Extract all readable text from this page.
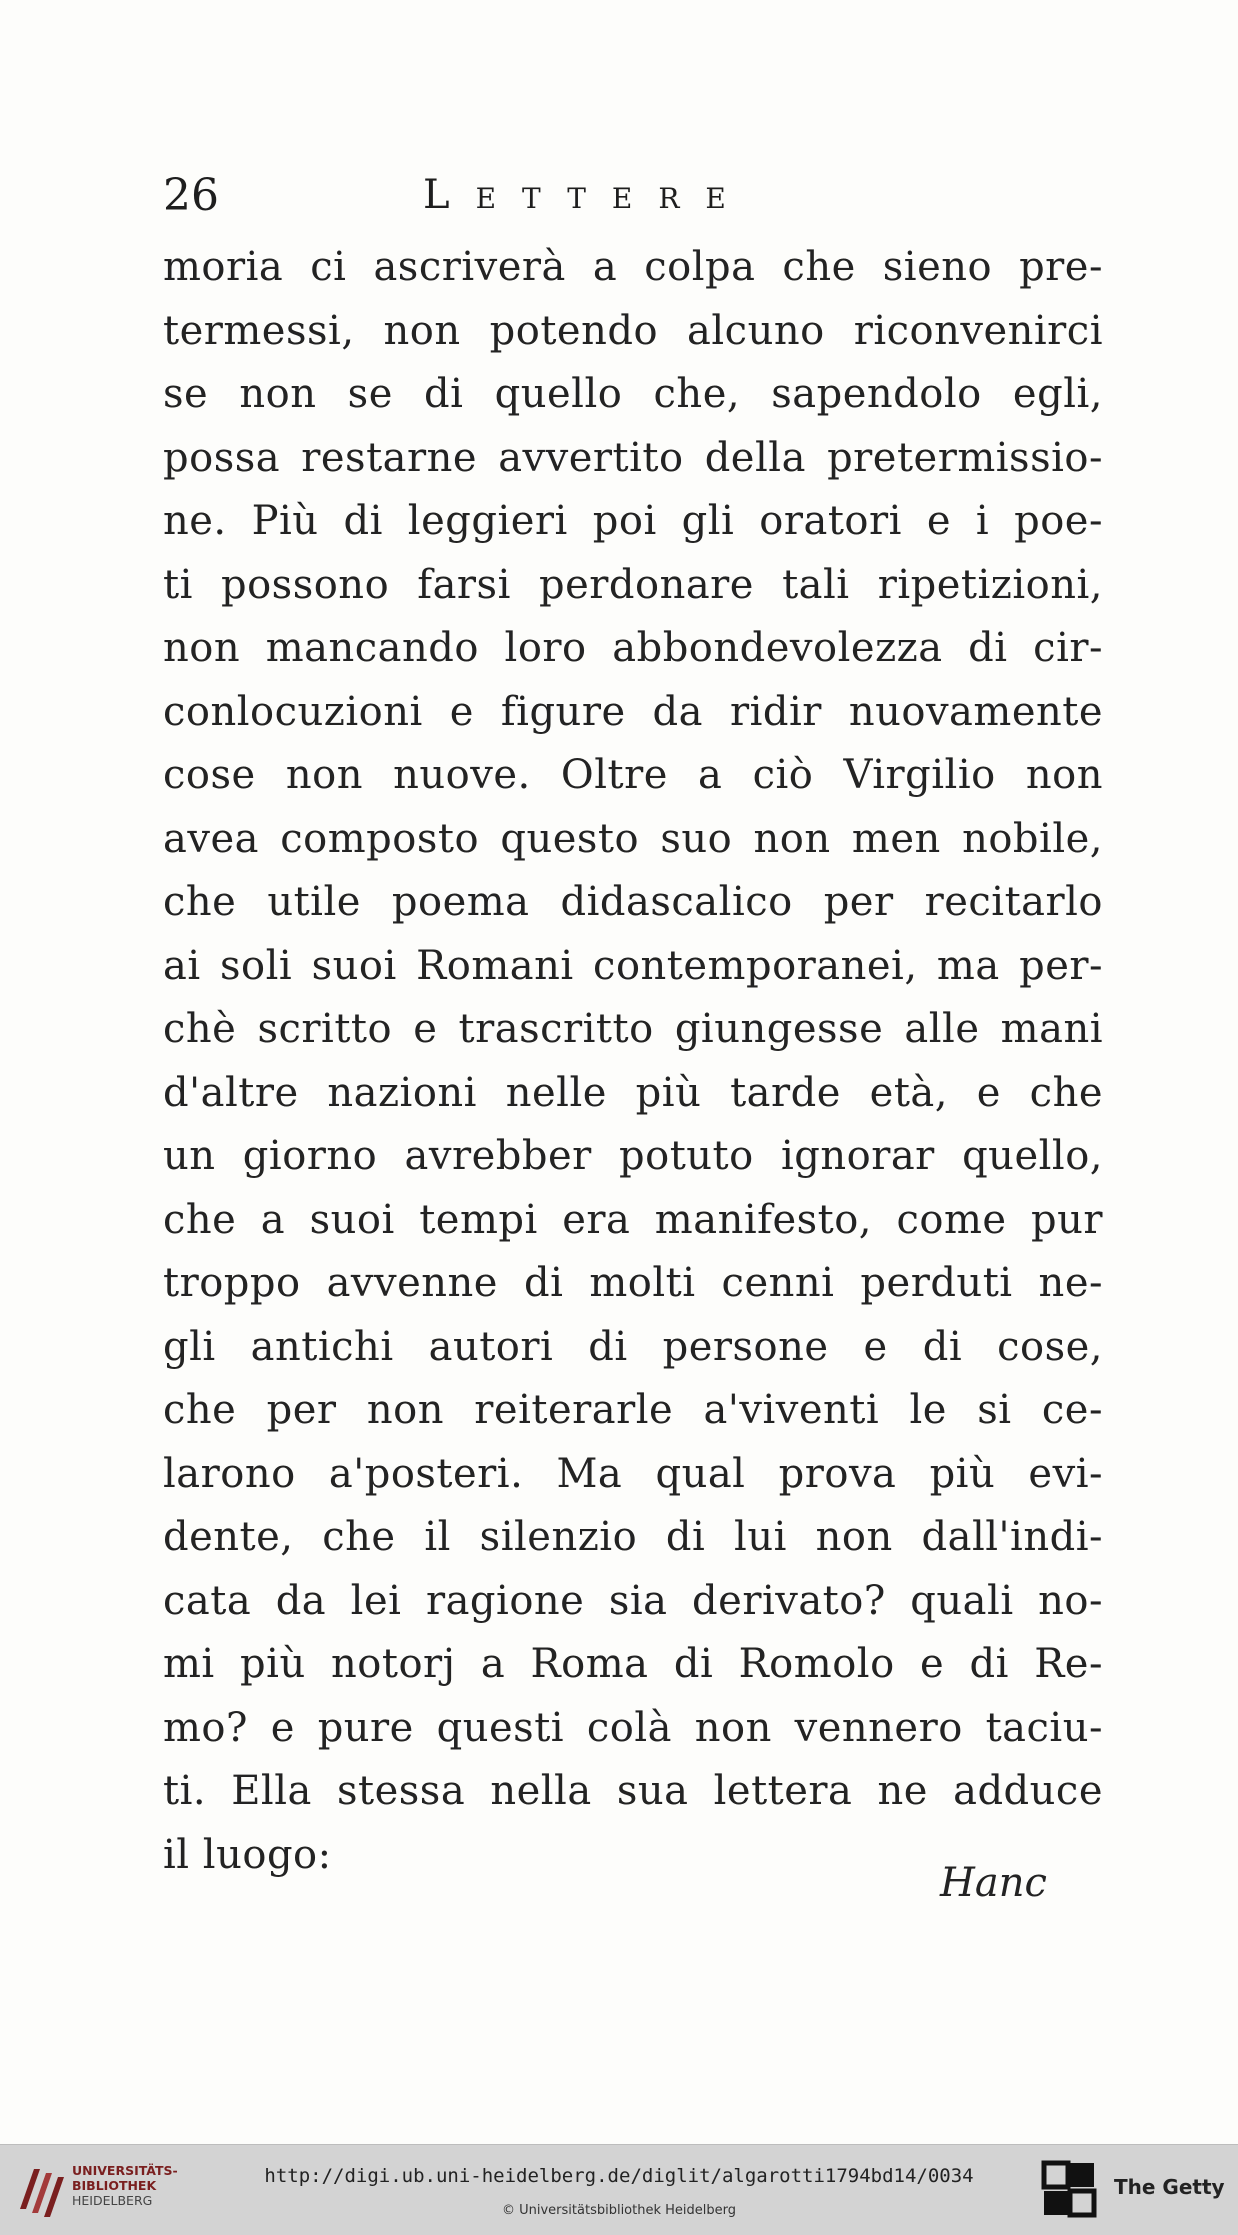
26	Lettere
moria ci ascriverà a colpa che sieno pre-
termessi, non potendo alcuno riconvenirci
se non se di quello che, sapendolo egli,
possa restarne avvertito della pretermissio-
ne. Più di leggieri poi gli oratori e i poe-
ti possono farsi perdonare tali ripetizioni,
non mancando loro abbondevolezza di cir-
conlocuzioni e figure da ridir nuovamente
cose non nuove. Oltre a ciò Virgilio non
avea composto questo suo non men nobile,
che utile poema didascalico per recitarlo
ai soli suoi Romani contemporanei, ma per-
chè scritto e trascritto giungesse alle mani
d'altre nazioni nelle più tarde età, e che
un giorno avrebber potuto ignorar quello,
che a suoi tempi era manifesto, come pur
troppo avvenne di molti cenni perduti ne-
gli antichi autori di persone e di cose,
che per non reiterarle a'viventi le si ce-
larono a'posteri. Ma qual prova più evi-
dente, che il silenzio di lui non dall'indi-
cata da lei ragione sia derivato? quali no-
mi più notorj a Roma di Romolo e di Re-
mo? e pure questi colà non vennero taciu-
ti. Ella stessa nella sua lettera ne adduce
il luogo:
Hanc
UNIVERSITÄTS-
BIBLIOTHEK
HEIDELBERG
http://digi.ub.uni-heidelberg.de/diglit/algarotti1794bd14/0034
© Universitätsbibliothek Heidelberg
The Getty
